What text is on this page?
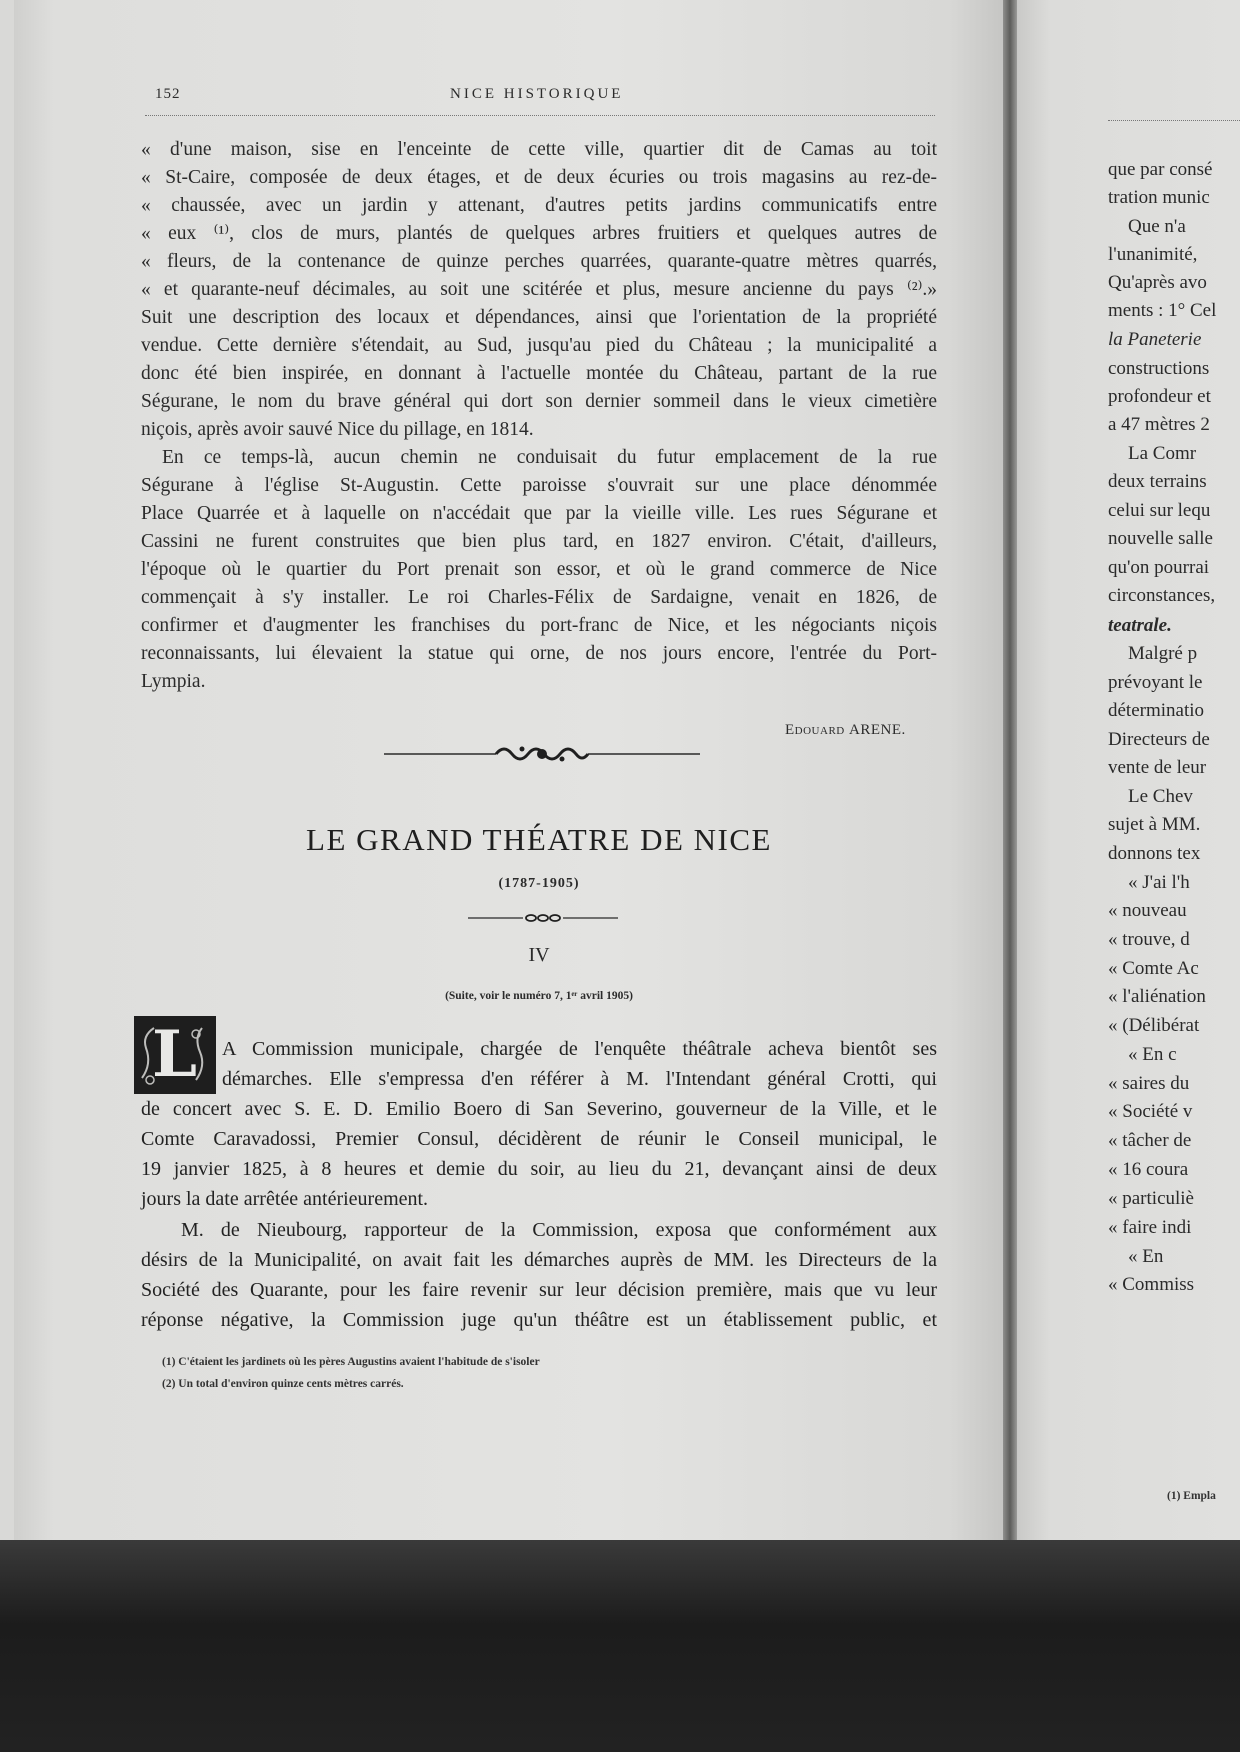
152	NICE HISTORIQUE
« d'une maison, sise en l'enceinte de cette ville, quartier dit de Camas au toit
« St-Caire, composée de deux étages, et de deux écuries ou trois magasins au rez-de-
« chaussée, avec un jardin y attenant, d'autres petits jardins communicatifs entre
« eux ⁽¹⁾, clos de murs, plantés de quelques arbres fruitiers et quelques autres de
« fleurs, de la contenance de quinze perches quarrées, quarante-quatre mètres quarrés,
« et quarante-neuf décimales, au soit une scitérée et plus, mesure ancienne du pays ⁽²⁾.»
Suit une description des locaux et dépendances, ainsi que l'orientation de la propriété
vendue. Cette dernière s'étendait, au Sud, jusqu'au pied du Château ; la municipalité a
donc été bien inspirée, en donnant à l'actuelle montée du Château, partant de la rue
Ségurane, le nom du brave général qui dort son dernier sommeil dans le vieux cimetière
niçois, après avoir sauvé Nice du pillage, en 1814.
En ce temps-là, aucun chemin ne conduisait du futur emplacement de la rue
Ségurane à l'église St-Augustin. Cette paroisse s'ouvrait sur une place dénommée
Place Quarrée et à laquelle on n'accédait que par la vieille ville. Les rues Ségurane et
Cassini ne furent construites que bien plus tard, en 1827 environ. C'était, d'ailleurs,
l'époque où le quartier du Port prenait son essor, et où le grand commerce de Nice
commençait à s'y installer. Le roi Charles-Félix de Sardaigne, venait en 1826, de
confirmer et d'augmenter les franchises du port-franc de Nice, et les négociants niçois
reconnaissants, lui élevaient la statue qui orne, de nos jours encore, l'entrée du Port-
Lympia.
EDOUARD ARENE.
LE GRAND THÉATRE DE NICE
(1787-1905)
IV
(Suite, voir le numéro 7, 1ᵉʳ avril 1905)
L A Commission municipale, chargée de l'enquête théâtrale acheva bientôt ses
démarches. Elle s'empressa d'en référer à M. l'Intendant général Crotti, qui
de concert avec S. E. D. Emilio Boero di San Severino, gouverneur de la Ville, et le
Comte Caravadossi, Premier Consul, décidèrent de réunir le Conseil municipal, le
19 janvier 1825, à 8 heures et demie du soir, au lieu du 21, devançant ainsi de deux
jours la date arrêtée antérieurement.
M. de Nieubourg, rapporteur de la Commission, exposa que conformément aux
désirs de la Municipalité, on avait fait les démarches auprès de MM. les Directeurs de la
Société des Quarante, pour les faire revenir sur leur décision première, mais que vu leur
réponse négative, la Commission juge qu'un théâtre est un établissement public, et
(1) C'étaient les jardinets où les pères Augustins avaient l'habitude de s'isoler
(2) Un total d'environ quinze cents mètres carrés.
que par consé
tration munic
Que n'a
l'unanimité,
Qu'après avo
ments : 1° Cel
la Paneterie
constructions
profondeur et
a 47 mètres 2
La Comr
deux terrains
celui sur lequ
nouvelle salle
qu'on pourrai
circonstances,
teatrale.
Malgré p
prévoyant le
déterminatio
Directeurs de
vente de leur
Le Chev
sujet à MM.
donnons tex
« J'ai l'h
« nouveau
« trouve, d
« Comte Ac
« l'aliénation
« (Délibérat
« En c
« saires du
« Société v
« tâcher de
« 16 coura
« particuliè
« faire indi
« En
« Commiss
(1) Empla
